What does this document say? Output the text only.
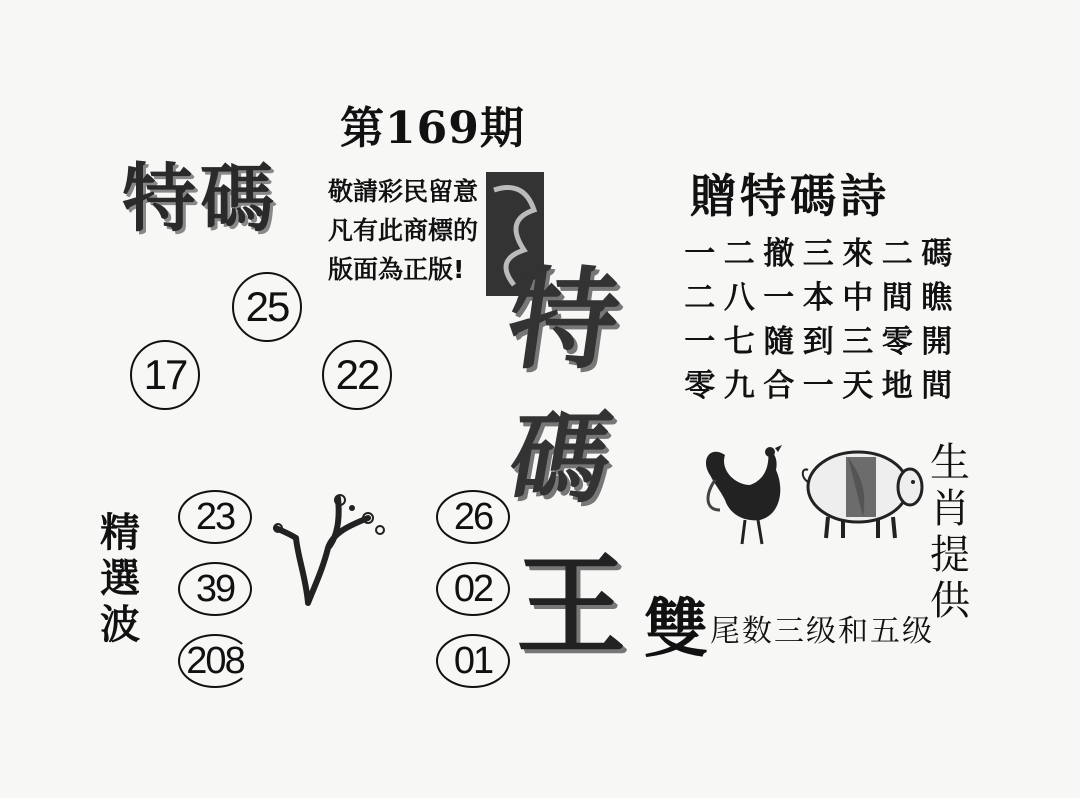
第169期
特碼 敬請彩民留意
凡有此商標的
版面為正版!
25
17	22
精
選
波
23
39
208
26
02
01
特
碼
王
贈特碼詩
一 二 撤 三 來 二 碼
二 八 一 本 中 間 瞧
一 七 隨 到 三 零 開
零 九 合 一 天 地 間
生
肖
提
供
雙 尾数三级和五级
